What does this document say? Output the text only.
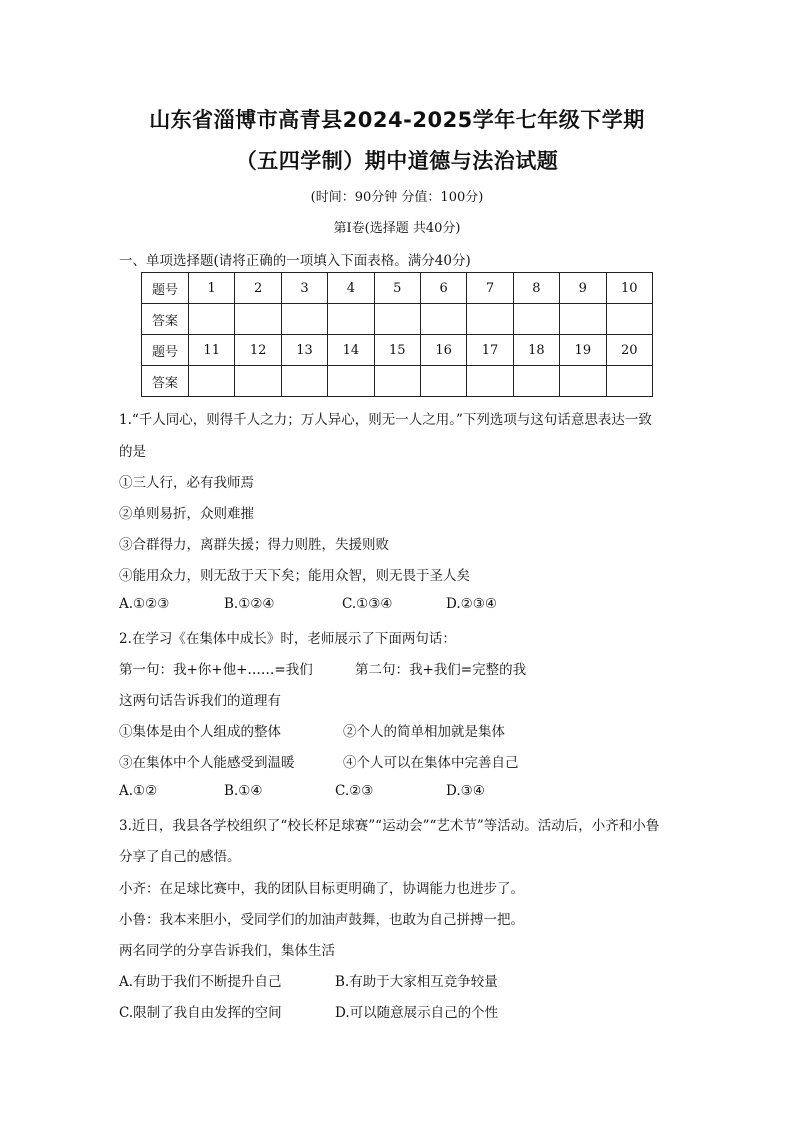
山东省淄博市高青县2024-2025学年七年级下学期
（五四学制）期中道德与法治试题
(时间：90分钟 分值：100分)
第Ⅰ卷(选择题 共40分)
一、单项选择题(请将正确的一项填入下面表格。满分40分)
题号	1	2	3	4	5	6	7	8	9	10
答案										
题号	11	12	13	14	15	16	17	18	19	20
答案										
1.“千人同心，则得千人之力；万人异心，则无一人之用。”下列选项与这句话意思表达一致
的是
①三人行，必有我师焉
②单则易折，众则难摧
③合群得力，离群失援；得力则胜，失援则败
④能用众力，则无敌于天下矣；能用众智，则无畏于圣人矣
A.①②③	B.①②④	C.①③④	D.②③④
2.在学习《在集体中成长》时，老师展示了下面两句话：
第一句：我+你+他+……=我们	第二句：我+我们=完整的我
这两句话告诉我们的道理有
①集体是由个人组成的整体	②个人的简单相加就是集体
③在集体中个人能感受到温暖	④个人可以在集体中完善自己
A.①②	B.①④	C.②③	D.③④
3.近日，我县各学校组织了“校长杯足球赛”“运动会”“艺术节”等活动。活动后，小齐和小鲁
分享了自己的感悟。
小齐：在足球比赛中，我的团队目标更明确了，协调能力也进步了。
小鲁：我本来胆小，受同学们的加油声鼓舞，也敢为自己拼搏一把。
两名同学的分享告诉我们，集体生活
A.有助于我们不断提升自己	B.有助于大家相互竞争较量
C.限制了我自由发挥的空间	D.可以随意展示自己的个性
